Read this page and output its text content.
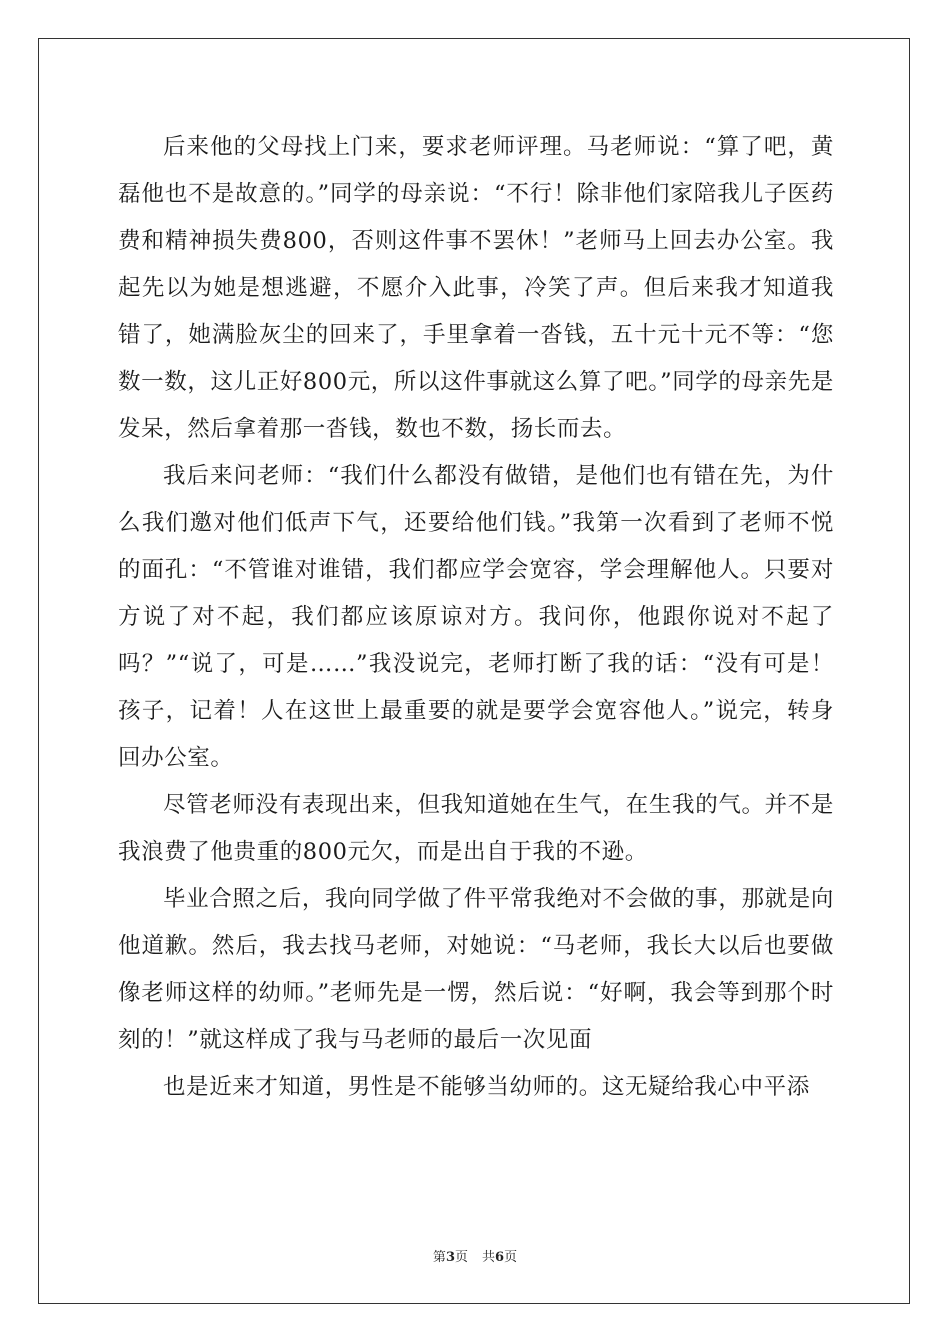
后来他的父母找上门来，要求老师评理。马老师说：“算了吧，黄磊他也不是故意的。”同学的母亲说：“不行！除非他们家陪我儿子医药费和精神损失费800，否则这件事不罢休！”老师马上回去办公室。我起先以为她是想逃避，不愿介入此事，冷笑了声。但后来我才知道我错了，她满脸灰尘的回来了，手里拿着一沓钱，五十元十元不等：“您数一数，这儿正好800元，所以这件事就这么算了吧。”同学的母亲先是发呆，然后拿着那一沓钱，数也不数，扬长而去。

我后来问老师：“我们什么都没有做错，是他们也有错在先，为什么我们邀对他们低声下气，还要给他们钱。”我第一次看到了老师不悦的面孔：“不管谁对谁错，我们都应学会宽容，学会理解他人。只要对方说了对不起，我们都应该原谅对方。我问你，他跟你说对不起了吗？”“说了，可是……”我没说完，老师打断了我的话：“没有可是！孩子，记着！人在这世上最重要的就是要学会宽容他人。”说完，转身回办公室。

尽管老师没有表现出来，但我知道她在生气，在生我的气。并不是我浪费了他贵重的800元欠，而是出自于我的不逊。

毕业合照之后，我向同学做了件平常我绝对不会做的事，那就是向他道歉。然后，我去找马老师，对她说：“马老师，我长大以后也要做像老师这样的幼师。”老师先是一愣，然后说：“好啊，我会等到那个时刻的！”就这样成了我与马老师的最后一次见面

也是近来才知道，男性是不能够当幼师的。这无疑给我心中平添

第3页 共6页
